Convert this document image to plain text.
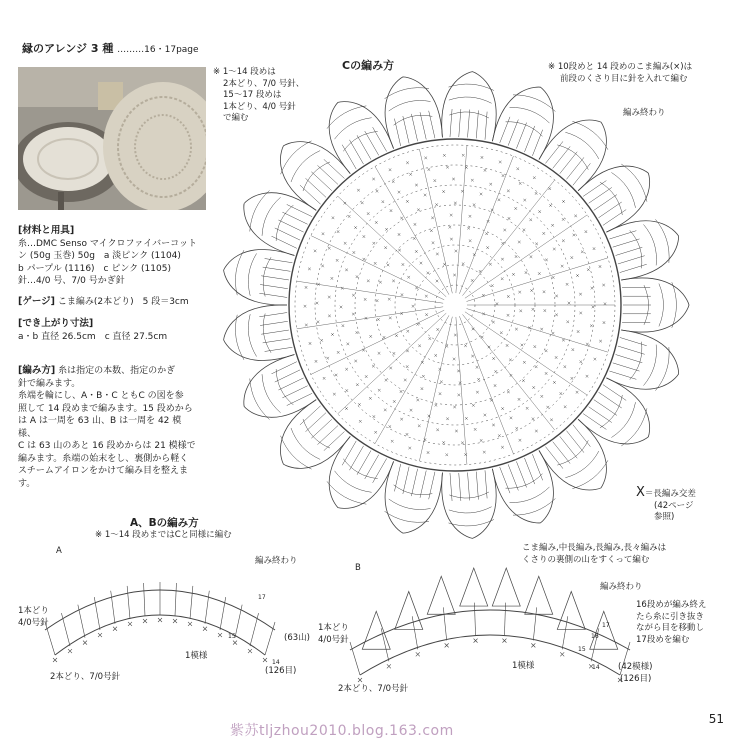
縁のアレンジ 3 種 ………16・17page
[材料と用具]
糸…DMC Senso マイクロファイバーコット
ン (50g 玉巻) 50g　a 淡ピンク (1104)
b パープル (1116)　c ピンク (1105)
針…4/0 号、7/0 号かぎ針
[ゲージ] こま編み(2本どり)　5 段＝3cm
[でき上がり寸法]
a・b 直径 26.5cm　c 直径 27.5cm
[編み方] 糸は指定の本数、指定のかぎ
針で編みます。
糸端を輪にし、A・B・C ともC の図を参
照して 14 段めまで編みます。15 段めから
は A は一周を 63 山、B は一周を 42 模様、
C は 63 山のあと 16 段めからは 21 模様で
編みます。糸端の始末をし、裏側から軽く
スチームアイロンをかけて編み目を整えま
す。
Cの編み方
※ 1～14 段めは
2本どり、7/0 号針、
15～17 段めは
1本どり、4/0 号針
で編む
※ 10段めと 14 段めのこま編み(×)は
前段のくさり目に針を入れて編む
編み終わり
Ⅹ＝長編み交差
(42ページ
参照)
A、Bの編み方
※ 1～14 段めまではCと同様に編む
A
編み終わり
1本どり
4/0号針
2本どり、7/0号針
1模様
(63山)
(126目)
17
15
14
B
こま編み,中長編み,長編み,長々編みは
くさりの裏側の山をすくって編む
編み終わり
16段めが編み終え
たら糸に引き抜き
ながら目を移動し
17段めを編む
1本どり
4/0号針
2本どり、7/0号針
1模様	(42模様)
(126目)
17
16
15
14
紫苏tljzhou2010.blog.163.com
51
